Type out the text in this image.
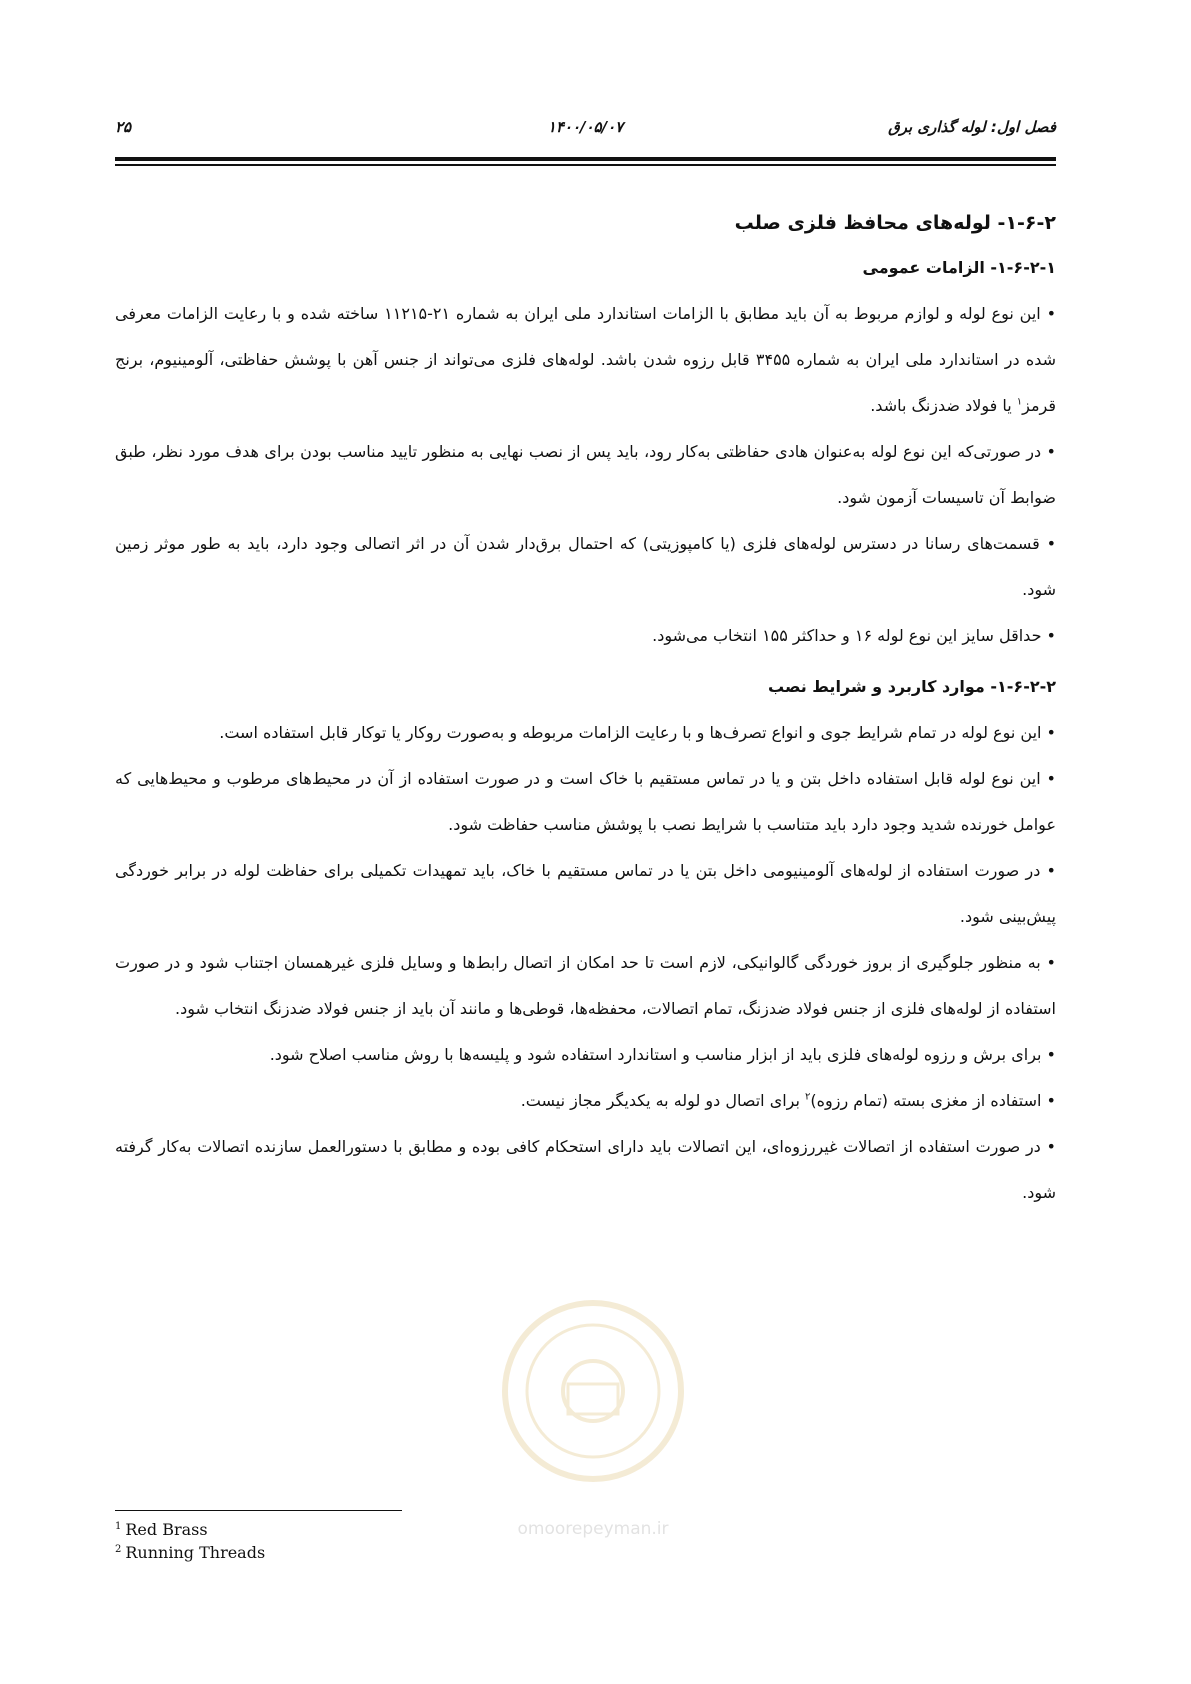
فصل اول: لوله گذاری برق
۱۴۰۰/۰۵/۰۷
۲۵
۱-۶-۲- لوله‌های محافظ فلزی صلب
۱-۶-۲-۱- الزامات عمومی

• این نوع لوله و لوازم مربوط به آن باید مطابق با الزامات استاندارد ملی ایران به شماره ۲۱-۱۱۲۱۵ ساخته شده و با رعایت الزامات معرفی شده در استاندارد ملی ایران به شماره ۳۴۵۵ قابل رزوه شدن باشد. لوله‌های فلزی می‌تواند از جنس آهن با پوشش حفاظتی، آلومینیوم، برنج قرمز$^۱$ یا فولاد ضدزنگ باشد.

• در صورتی‌که این نوع لوله به‌عنوان هادی حفاظتی به‌کار رود، باید پس از نصب نهایی به منظور تایید مناسب بودن برای هدف مورد نظر، طبق ضوابط آن تاسیسات آزمون شود.

• قسمت‌های رسانا در دسترس لوله‌های فلزی (یا کامپوزیتی) که احتمال برق‌دار شدن آن در اثر اتصالی وجود دارد، باید به طور موثر زمین شود.

• حداقل سایز این نوع لوله ۱۶ و حداکثر ۱۵۵ انتخاب می‌شود.

۱-۶-۲-۲- موارد کاربرد و شرایط نصب

• این نوع لوله در تمام شرایط جوی و انواع تصرف‌ها و با رعایت الزامات مربوطه و به‌صورت روکار یا توکار قابل استفاده است.

• این نوع لوله قابل استفاده داخل بتن و یا در تماس مستقیم با خاک است و در صورت استفاده از آن در محیط‌های مرطوب و محیط‌هایی که عوامل خورنده شدید وجود دارد باید متناسب با شرایط نصب با پوشش مناسب حفاظت شود.

• در صورت استفاده از لوله‌های آلومینیومی داخل بتن یا در تماس مستقیم با خاک، باید تمهیدات تکمیلی برای حفاظت لوله در برابر خوردگی پیش‌بینی شود.

• به منظور جلوگیری از بروز خوردگی گالوانیکی، لازم است تا حد امکان از اتصال رابط‌ها و وسایل فلزی غیرهمسان اجتناب شود و در صورت استفاده از لوله‌های فلزی از جنس فولاد ضدزنگ، تمام اتصالات، محفظه‌ها، قوطی‌ها و مانند آن باید از جنس فولاد ضدزنگ انتخاب شود.

• برای برش و رزوه لوله‌های فلزی باید از ابزار مناسب و استاندارد استفاده شود و پلیسه‌ها با روش مناسب اصلاح شود.

• استفاده از مغزی بسته (تمام رزوه)$^۲$ برای اتصال دو لوله به یکدیگر مجاز نیست.

• در صورت استفاده از اتصالات غیررزوه‌ای، این اتصالات باید دارای استحکام کافی بوده و مطابق با دستورالعمل سازنده اتصالات به‌کار گرفته شود.

omoorepeyman.ir
$^1$ Red Brass
$^2$ Running Threads
